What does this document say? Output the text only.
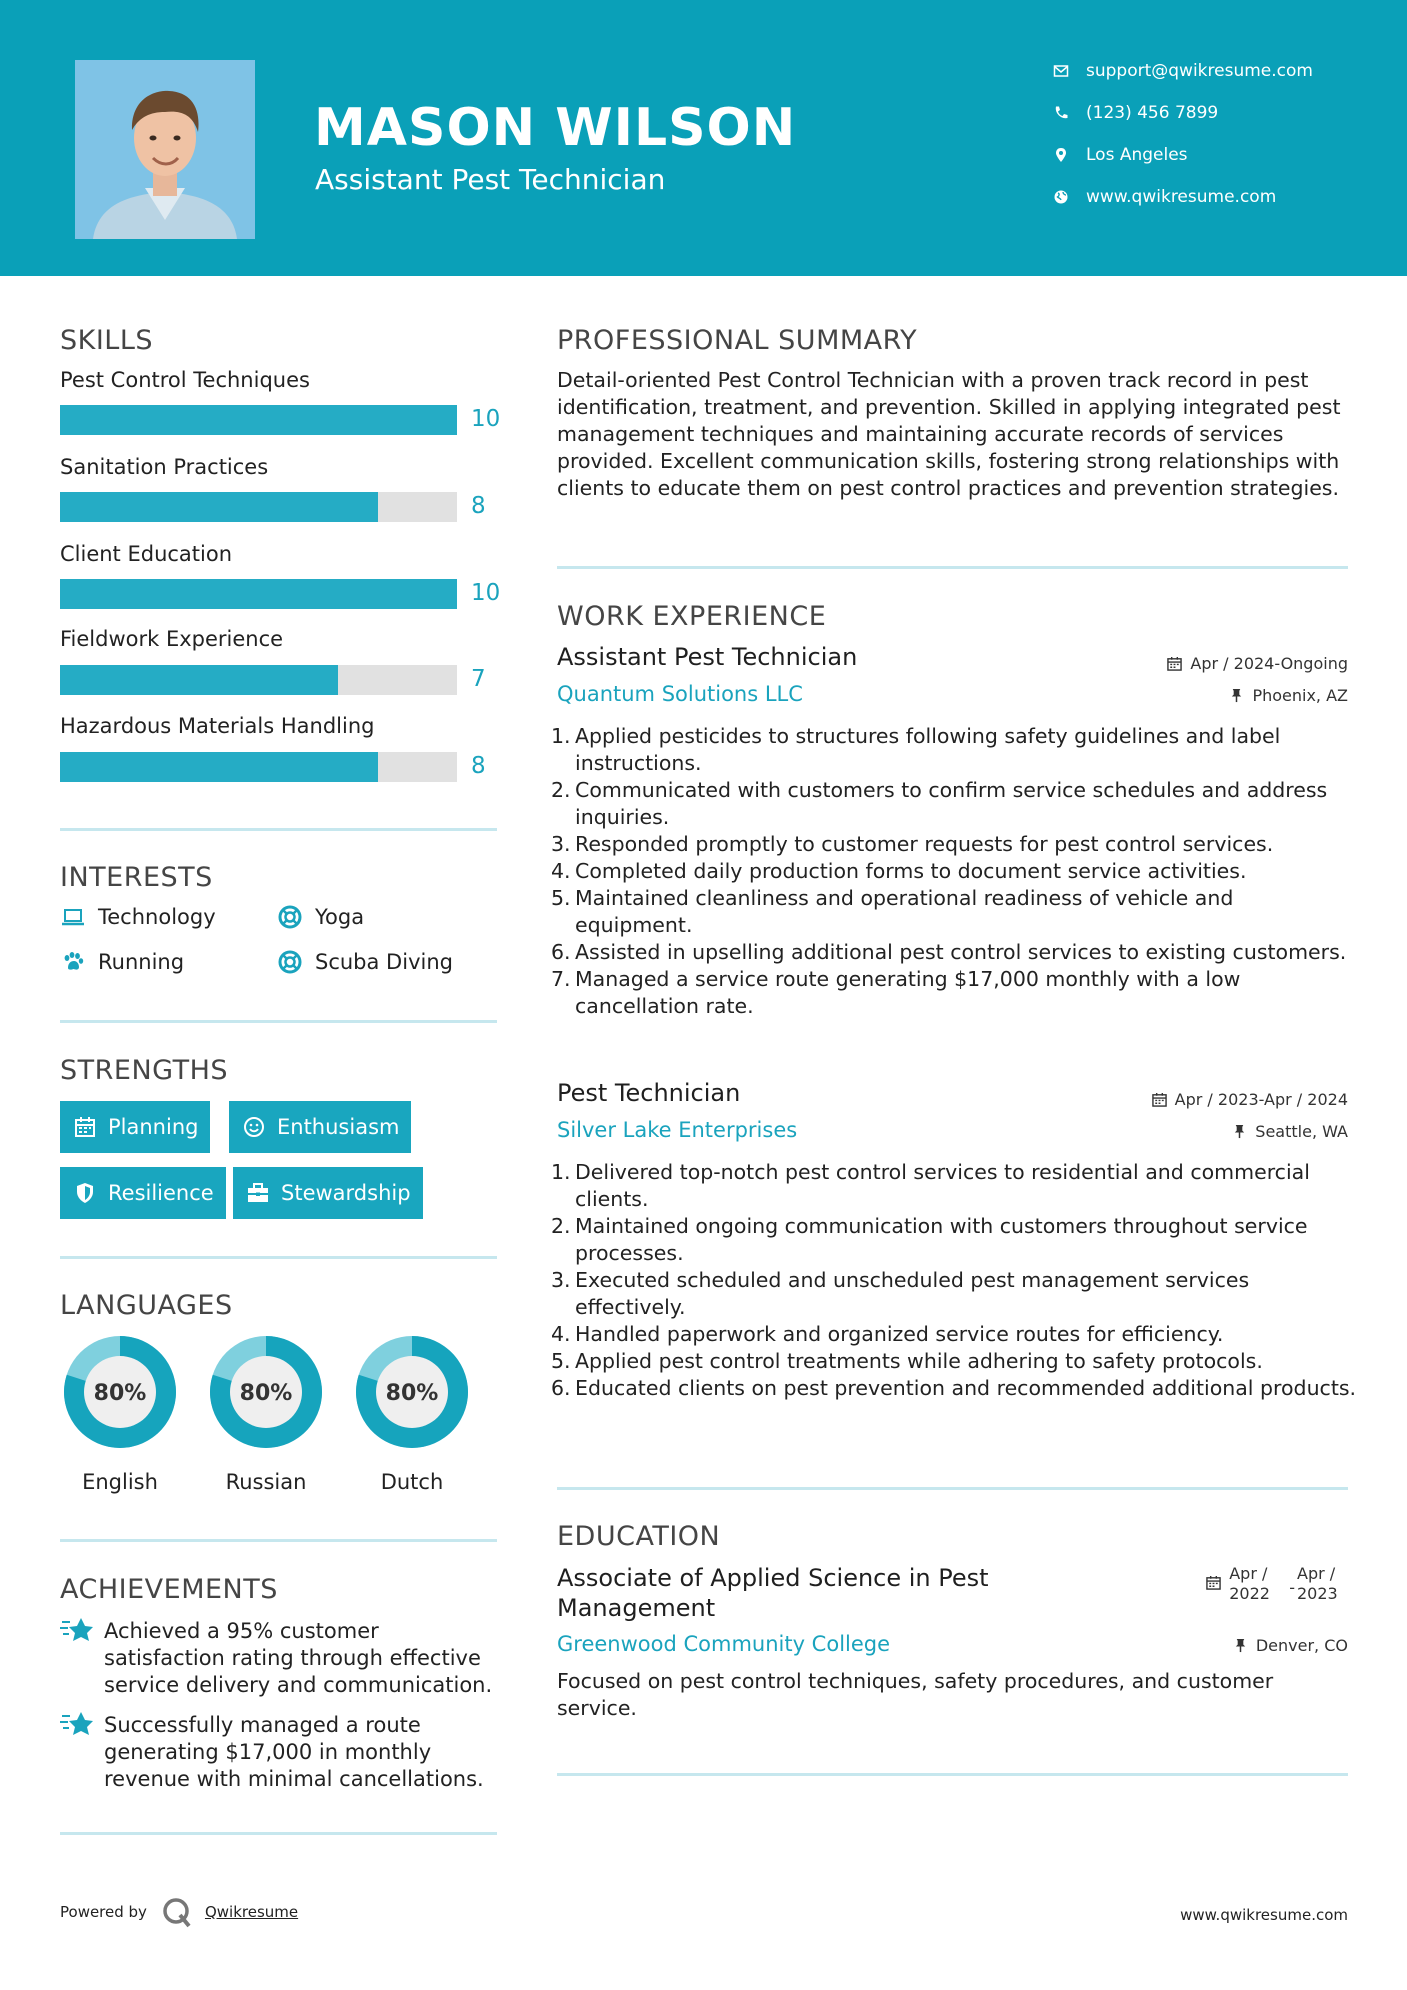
MASON WILSON
Assistant Pest Technician
support@qwikresume.com
(123) 456 7899
Los Angeles
www.qwikresume.com
SKILLS
Pest Control Techniques
10
Sanitation Practices
8
Client Education
10
Fieldwork Experience
7
Hazardous Materials Handling
8
INTERESTS
Technology	Yoga
Running	Scuba Diving
STRENGTHS
Planning	Enthusiasm
Resilience	Stewardship
LANGUAGES
80%
English
80%
Russian
80%
Dutch
ACHIEVEMENTS
Achieved a 95% customer satisfaction rating through effective service delivery and communication.
Successfully managed a route generating $17,000 in monthly revenue with minimal cancellations.
PROFESSIONAL SUMMARY
Detail-oriented Pest Control Technician with a proven track record in pest identification, treatment, and prevention. Skilled in applying integrated pest management techniques and maintaining accurate records of services provided. Excellent communication skills, fostering strong relationships with clients to educate them on pest control practices and prevention strategies.
WORK EXPERIENCE
Assistant Pest Technician	Apr / 2024-Ongoing
Quantum Solutions LLC	Phoenix, AZ
1. Applied pesticides to structures following safety guidelines and label instructions.
2. Communicated with customers to confirm service schedules and address inquiries.
3. Responded promptly to customer requests for pest control services.
4. Completed daily production forms to document service activities.
5. Maintained cleanliness and operational readiness of vehicle and equipment.
6. Assisted in upselling additional pest control services to existing customers.
7. Managed a service route generating $17,000 monthly with a low cancellation rate.
Pest Technician	Apr / 2023-Apr / 2024
Silver Lake Enterprises	Seattle, WA
1. Delivered top-notch pest control services to residential and commercial clients.
2. Maintained ongoing communication with customers throughout service processes.
3. Executed scheduled and unscheduled pest management services effectively.
4. Handled paperwork and organized service routes for efficiency.
5. Applied pest control treatments while adhering to safety protocols.
6. Educated clients on pest prevention and recommended additional products.
EDUCATION
Associate of Applied Science in Pest Management
Apr / 2022	-
Apr / 2023
Greenwood Community College	Denver, CO
Focused on pest control techniques, safety procedures, and customer service.
Powered by	Qwikresume	www.qwikresume.com
